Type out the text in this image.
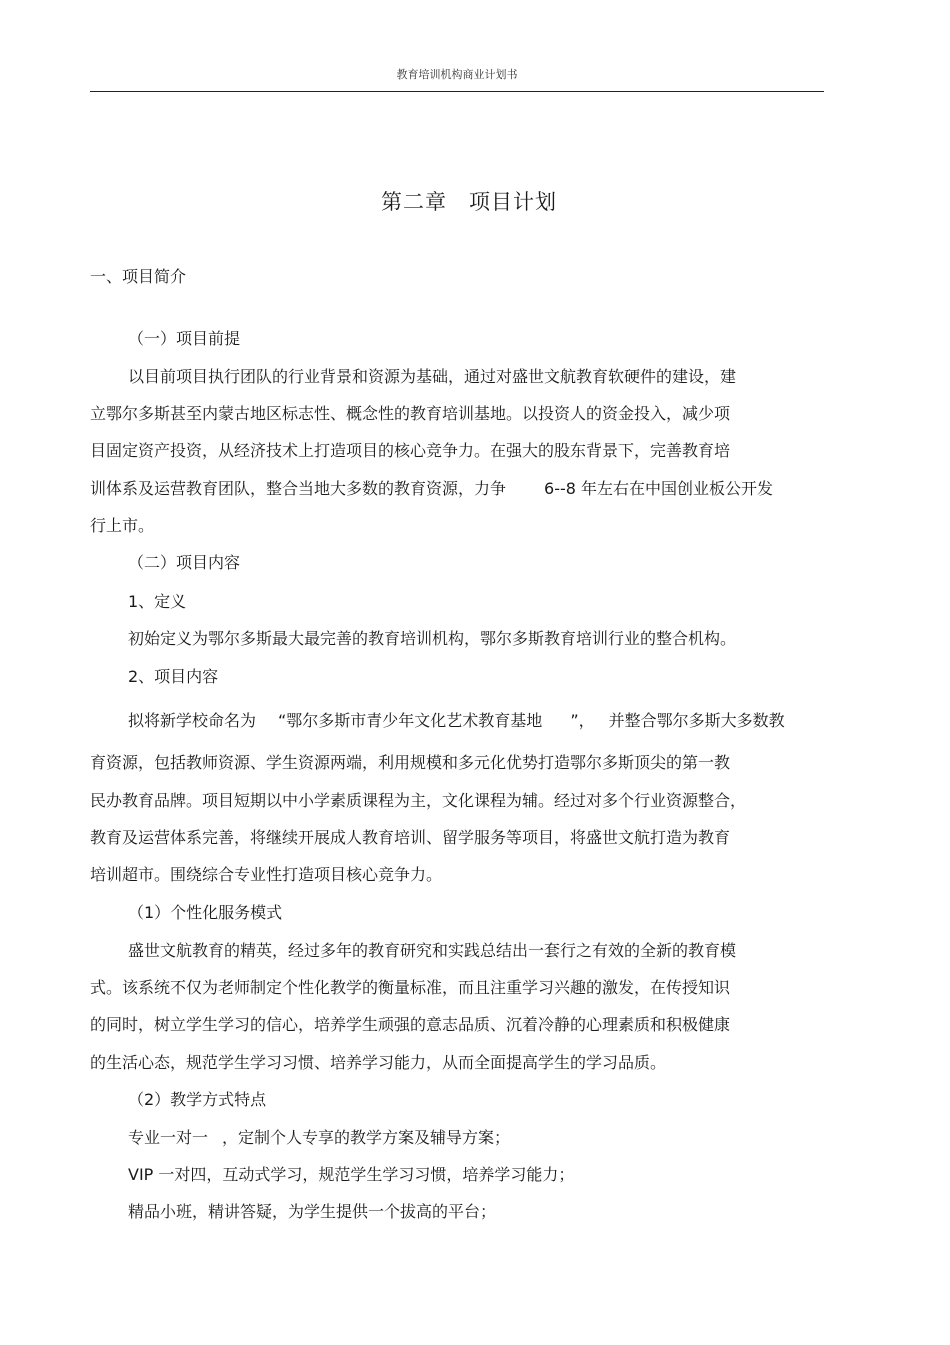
教育培训机构商业计划书
第二章　项目计划
一、项目简介
（一）项目前提
以目前项目执行团队的行业背景和资源为基础，通过对盛世文航教育软硬件的建设，建
立鄂尔多斯甚至内蒙古地区标志性、概念性的教育培训基地。以投资人的资金投入，减少项
目固定资产投资，从经济技术上打造项目的核心竞争力。在强大的股东背景下，完善教育培
训体系及运营教育团队，整合当地大多数的教育资源，力争 6--8 年左右在中国创业板公开发
行上市。
（二）项目内容
1、定义
初始定义为鄂尔多斯最大最完善的教育培训机构，鄂尔多斯教育培训行业的整合机构。
2、项目内容
拟将新学校命名为 “鄂尔多斯市青少年文化艺术教育基地 ”， 并整合鄂尔多斯大多数教
育资源，包括教师资源、学生资源两端，利用规模和多元化优势打造鄂尔多斯顶尖的第一教
民办教育品牌。项目短期以中小学素质课程为主，文化课程为辅。经过对多个行业资源整合，
教育及运营体系完善，将继续开展成人教育培训、留学服务等项目，将盛世文航打造为教育
培训超市。围绕综合专业性打造项目核心竞争力。
（1）个性化服务模式
盛世文航教育的精英，经过多年的教育研究和实践总结出一套行之有效的全新的教育模
式。该系统不仅为老师制定个性化教学的衡量标准，而且注重学习兴趣的激发，在传授知识
的同时，树立学生学习的信心，培养学生顽强的意志品质、沉着冷静的心理素质和积极健康
的生活心态，规范学生学习习惯、培养学习能力，从而全面提高学生的学习品质。
（2）教学方式特点
专业一对一 ，定制个人专享的教学方案及辅导方案；
VIP 一对四，互动式学习，规范学生学习习惯，培养学习能力；
精品小班，精讲答疑，为学生提供一个拔高的平台；
